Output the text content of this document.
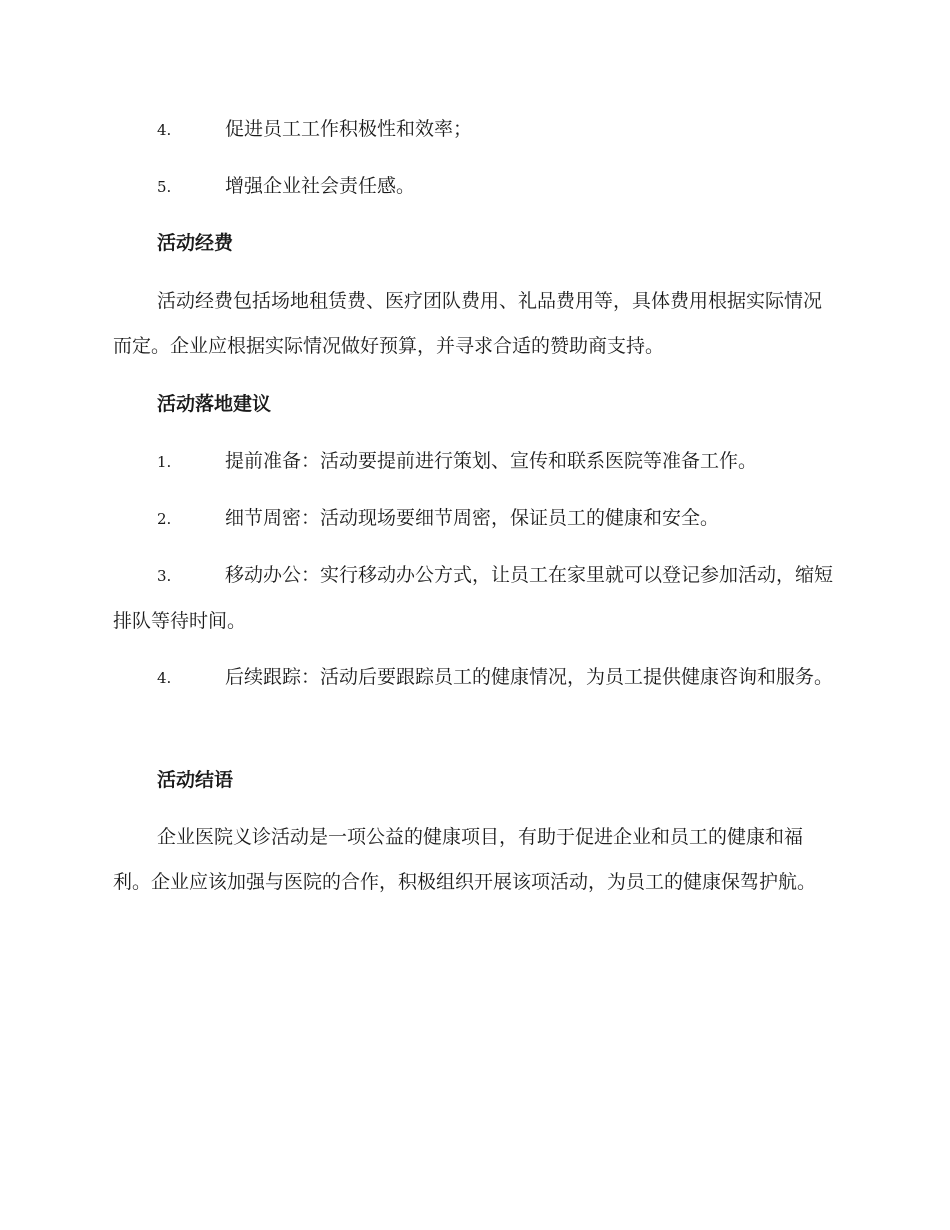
4.	促进员工工作积极性和效率；
5.	增强企业社会责任感。
活动经费
活动经费包括场地租赁费、医疗团队费用、礼品费用等，具体费用根据实际情况而定。企业应根据实际情况做好预算，并寻求合适的赞助商支持。
活动落地建议
1.	提前准备：活动要提前进行策划、宣传和联系医院等准备工作。
2.	细节周密：活动现场要细节周密，保证员工的健康和安全。
3.	移动办公：实行移动办公方式，让员工在家里就可以登记参加活动，缩短排队等待时间。
4.	后续跟踪：活动后要跟踪员工的健康情况，为员工提供健康咨询和服务。
活动结语
企业医院义诊活动是一项公益的健康项目，有助于促进企业和员工的健康和福利。企业应该加强与医院的合作，积极组织开展该项活动，为员工的健康保驾护航。
